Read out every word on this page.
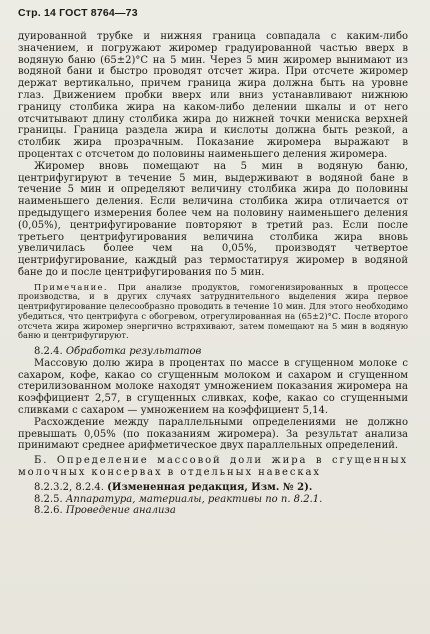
Стр. 14 ГОСТ 8764—73

дуированной трубке и нижняя граница совпадала с каким-либо значением, и погружают жиромер градуированной частью вверх в водяную баню (65±2)°С на 5 мин. Через 5 мин жиромер вынимают из водяной бани и быстро проводят отсчет жира. При отсчете жиромер держат вертикально, причем граница жира должна быть на уровне глаз. Движением пробки вверх или вниз устанавливают нижнюю границу столбика жира на каком-либо делении шкалы и от него отсчитывают длину столбика жира до нижней точки мениска верхней границы. Граница раздела жира и кислоты должна быть резкой, а столбик жира прозрачным. Показание жиромера выражают в процентах с отсчетом до половины наименьшего деления жиромера.

Жиромер вновь помещают на 5 мин в водяную баню, центрифугируют в течение 5 мин, выдерживают в водяной бане в течение 5 мин и определяют величину столбика жира до половины наименьшего деления. Если величина столбика жира отличается от предыдущего измерения более чем на половину наименьшего деления (0,05%), центрифугирование повторяют в третий раз. Если после третьего центрифугирования величина столбика жира вновь увеличилась более чем на 0,05%, производят четвертое центрифугирование, каждый раз термостатируя жиромер в водяной бане до и после центрифугирования по 5 мин.

Примечание. При анализе продуктов, гомогенизированных в процессе производства, и в других случаях затруднительного выделения жира первое центрифугирование целесообразно проводить в течение 10 мин. Для этого необходимо убедиться, что центрифуга с обогревом, отрегулированная на (65±2)°С. После второго отсчета жира жиромер энергично встряхивают, затем помещают на 5 мин в водяную баню и центрифугируют.

8.2.4. Обработка результатов

Массовую долю жира в процентах по массе в сгущенном молоке с сахаром, кофе, какао со сгущенным молоком и сахаром и сгущенном стерилизованном молоке находят умножением показания жиромера на коэффициент 2,57, в сгущенных сливках, кофе, какао со сгущенными сливками с сахаром — умножением на коэффициент 5,14.

Расхождение между параллельными определениями не должно превышать 0,05% (по показаниям жиромера). За результат анализа принимают среднее арифметическое двух параллельных определений.

Б. Определение массовой доли жира в сгущенных молочных консервах в отдельных навесках

8.2.3.2, 8.2.4. (Измененная редакция, Изм. № 2).

8.2.5. Аппаратура, материалы, реактивы по п. 8.2.1.

8.2.6. Проведение анализа
